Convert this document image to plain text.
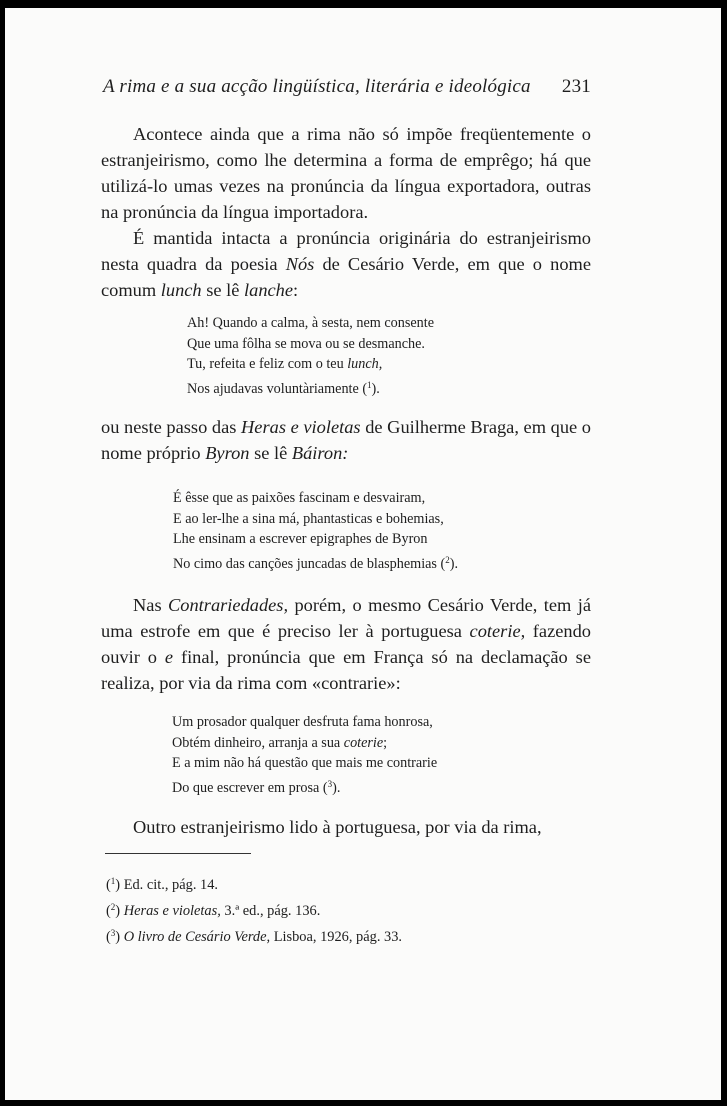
A rima e a sua acção lingüística, literária e ideológica 231

Acontece ainda que a rima não só impõe freqüentemente o estranjeirismo, como lhe determina a forma de emprêgo; há que utilizá-lo umas vezes na pronúncia da língua exportadora, outras na pronúncia da língua importadora.

É mantida intacta a pronúncia originária do estranjeirismo nesta quadra da poesia Nós de Cesário Verde, em que o nome comum lunch se lê lanche:

Ah! Quando a calma, à sesta, nem consente
Que uma fôlha se mova ou se desmanche.
Tu, refeita e feliz com o teu lunch,
Nos ajudavas voluntàriamente ($^1$).

ou neste passo das Heras e violetas de Guilherme Braga, em que o nome próprio Byron se lê Báiron:

É êsse que as paixões fascinam e desvairam,
E ao ler-lhe a sina má, phantasticas e bohemias,
Lhe ensinam a escrever epigraphes de Byron
No cimo das canções juncadas de blasphemias ($^2$).

Nas Contrariedades, porém, o mesmo Cesário Verde, tem já uma estrofe em que é preciso ler à portuguesa coterie, fazendo ouvir o e final, pronúncia que em França só na declamação se realiza, por via da rima com «contrarie»:

Um prosador qualquer desfruta fama honrosa,
Obtém dinheiro, arranja a sua coterie;
E a mim não há questão que mais me contrarie
Do que escrever em prosa ($^3$).

Outro estranjeirismo lido à portuguesa, por via da rima,

($^1$) Ed. cit., pág. 14.
($^2$) Heras e violetas, 3.ª ed., pág. 136.
($^3$) O livro de Cesário Verde, Lisboa, 1926, pág. 33.
